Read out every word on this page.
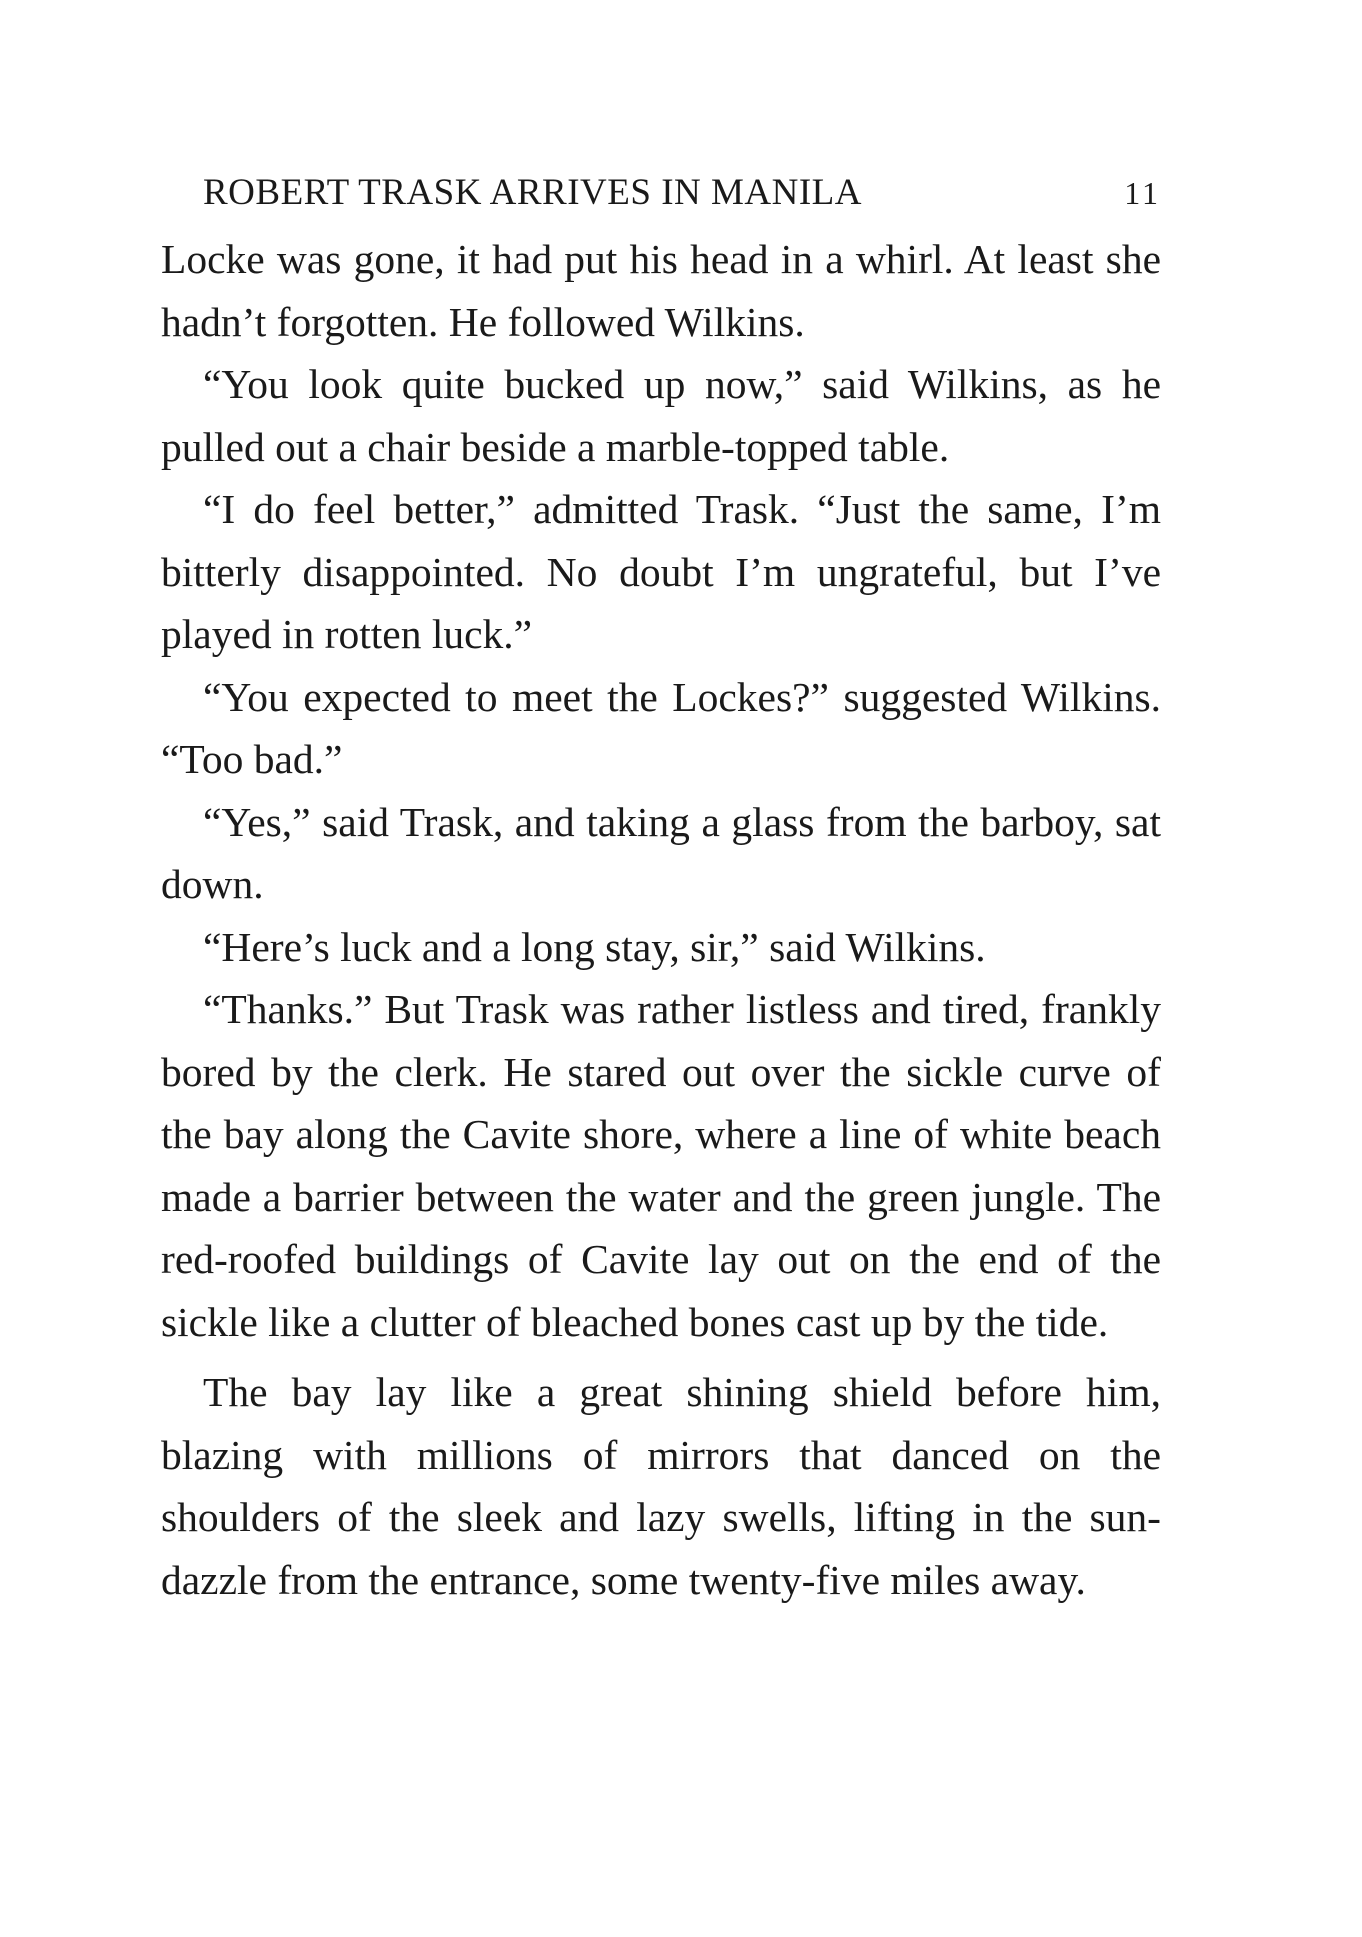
ROBERT TRASK ARRIVES IN MANILA	11

Locke was gone, it had put his head in a whirl. At least she hadn’t forgotten. He followed Wilkins.

“You look quite bucked up now,” said Wilkins, as he pulled out a chair beside a marble-topped table.

“I do feel better,” admitted Trask. “Just the same, I’m bitterly disappointed. No doubt I’m ungrateful, but I’ve played in rotten luck.”

“You expected to meet the Lockes?” suggested Wilkins. “Too bad.”

“Yes,” said Trask, and taking a glass from the barboy, sat down.

“Here’s luck and a long stay, sir,” said Wilkins.

“Thanks.” But Trask was rather listless and tired, frankly bored by the clerk. He stared out over the sickle curve of the bay along the Cavite shore, where a line of white beach made a barrier between the water and the green jungle. The red-roofed buildings of Cavite lay out on the end of the sickle like a clutter of bleached bones cast up by the tide.

The bay lay like a great shining shield before him, blazing with millions of mirrors that danced on the shoulders of the sleek and lazy swells, lifting in the sundazzle from the entrance, some twenty-five miles away.
